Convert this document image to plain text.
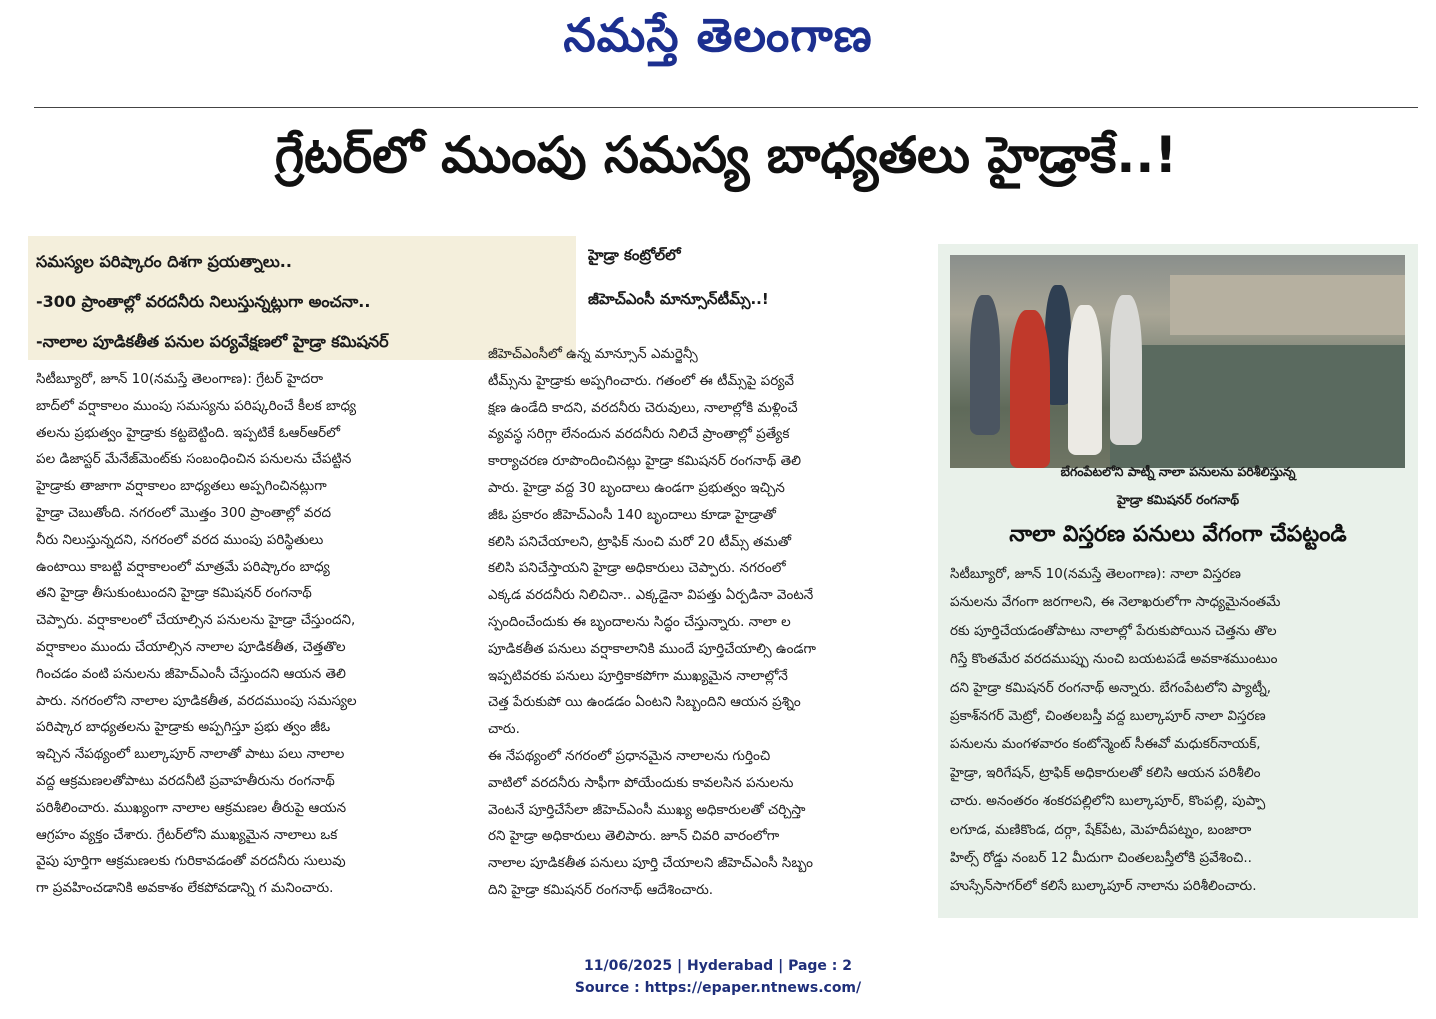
నమస్తే తెలంగాణ
గ్రేటర్‌లో ముంపు సమస్య బాధ్యతలు హైడ్రాకే..!
సమస్యల పరిష్కారం దిశగా ప్రయత్నాలు..
-300 ప్రాంతాల్లో వరదనీరు నిలుస్తున్నట్లుగా అంచనా..
-నాలాల పూడికతీత పనుల పర్యవేక్షణలో హైడ్రా కమిషనర్
హైడ్రా కంట్రోల్‌లో
జీహెచ్‌ఎంసీ మాన్సూన్‌టీమ్స్‌..!

సిటీబ్యూరో, జూన్ 10(నమస్తే తెలంగాణ): గ్రేటర్ హైదరా

బాద్‌లో వర్షాకాలం ముంపు సమస్యను పరిష్కరించే కీలక బాధ్య

తలను ప్రభుత్వం హైడ్రాకు కట్టబెట్టింది. ఇప్పటికే ఓఆర్‌ఆర్‌లో

పల డిజాస్టర్ మేనేజ్‌మెంట్‌కు సంబంధించిన పనులను చేపట్టిన

హైడ్రాకు తాజాగా వర్షాకాలం బాధ్యతలు అప్పగించినట్లుగా

హైడ్రా చెబుతోంది. నగరంలో మొత్తం 300 ప్రాంతాల్లో వరద

నీరు నిలుస్తున్నదని, నగరంలో వరద ముంపు పరిస్థితులు

ఉంటాయి కాబట్టి వర్షాకాలంలో మాత్రమే పరిష్కారం బాధ్య

తని హైడ్రా తీసుకుంటుందని హైడ్రా కమిషనర్ రంగనాథ్

చెప్పారు. వర్షాకాలంలో చేయాల్సిన పనులను హైడ్రా చేస్తుందని,

వర్షాకాలం ముందు చేయాల్సిన నాలాల పూడికతీత, చెత్తతొల

గించడం వంటి పనులను జీహెచ్‌ఎంసీ చేస్తుందని ఆయన తెలి

పారు. నగరంలోని నాలాల పూడికతీత, వరదముంపు సమస్యల

పరిష్కార బాధ్యతలను హైడ్రాకు అప్పగిస్తూ ప్రభు త్వం జీఓ

ఇచ్చిన నేపథ్యంలో బుల్కాపూర్ నాలాతో పాటు పలు నాలాల

వద్ద ఆక్రమణలతోపాటు వరదనీటి ప్రవాహతీరును రంగనాథ్

పరిశీలించారు. ముఖ్యంగా నాలాల ఆక్రమణల తీరుపై ఆయన

ఆగ్రహం వ్యక్తం చేశారు. గ్రేటర్‌లోని ముఖ్యమైన నాలాలు ఒక

వైపు పూర్తిగా ఆక్రమణలకు గురికావడంతో వరదనీరు సులువు

గా ప్రవహించడానికి అవకాశం లేకపోవడాన్ని గ మనించారు.

జీహెచ్‌ఎంసీలో ఉన్న మాన్సూన్ ఎమర్జెన్సీ

టీమ్స్‌ను హైడ్రాకు అప్పగించారు. గతంలో ఈ టీమ్స్‌పై పర్యవే

క్షణ ఉండేది కాదని, వరదనీరు చెరువులు, నాలాల్లోకి మళ్లించే

వ్యవస్థ సరిగ్గా లేనందున వరదనీరు నిలిచే ప్రాంతాల్లో ప్రత్యేక

కార్యాచరణ రూపొందించినట్లు హైడ్రా కమిషనర్ రంగనాథ్ తెలి

పారు. హైడ్రా వద్ద 30 బృందాలు ఉండగా ప్రభుత్వం ఇచ్చిన

జీఓ ప్రకారం జీహెచ్‌ఎంసీ 140 బృందాలు కూడా హైడ్రాతో

కలిసి పనిచేయాలని, ట్రాఫిక్ నుంచి మరో 20 టీమ్స్ తమతో

కలిసి పనిచేస్తాయని హైడ్రా అధికారులు చెప్పారు. నగరంలో

ఎక్కడ వరదనీరు నిలిచినా.. ఎక్కడైనా విపత్తు ఏర్పడినా వెంటనే

స్పందించేందుకు ఈ బృందాలను సిద్ధం చేస్తున్నారు. నాలా ల

పూడికతీత పనులు వర్షాకాలానికి ముందే పూర్తిచేయాల్సి ఉండగా

ఇప్పటివరకు పనులు పూర్తికాకపోగా ముఖ్యమైన నాలాల్లోనే

చెత్త పేరుకుపో యి ఉండడం ఏంటని సిబ్బందిని ఆయన ప్రశ్నిం

చారు.

ఈ నేపథ్యంలో నగరంలో ప్రధానమైన నాలాలను గుర్తించి

వాటిలో వరదనీరు సాఫీగా పోయేందుకు కావలసిన పనులను

వెంటనే పూర్తిచేసేలా జీహెచ్‌ఎంసీ ముఖ్య అధికారులతో చర్చిస్తా

రని హైడ్రా అధికారులు తెలిపారు. జూన్ చివరి వారంలోగా

నాలాల పూడికతీత పనులు పూర్తి చేయాలని జీహెచ్‌ఎంసీ సిబ్బం

దిని హైడ్రా కమిషనర్ రంగనాథ్ ఆదేశించారు.

బేగంపేటలోని పాట్నీ నాలా పనులను పరిశీలిస్తున్న
హైడ్రా కమిషనర్ రంగనాథ్
నాలా విస్తరణ పనులు వేగంగా చేపట్టండి

సిటీబ్యూరో, జూన్ 10(నమస్తే తెలంగాణ): నాలా విస్తరణ

పనులను వేగంగా జరగాలని, ఈ నెలాఖరులోగా సాధ్యమైనంతమే

రకు పూర్తిచేయడంతోపాటు నాలాల్లో పేరుకుపోయిన చెత్తను తొల

గిస్తే కొంతమేర వరదముప్పు నుంచి బయటపడే అవకాశముంటుం

దని హైడ్రా కమిషనర్ రంగనాథ్ అన్నారు. బేగంపేటలోని ప్యాట్నీ,

ప్రకాశ్‌నగర్ మెట్రో, చింతలబస్తీ వద్ద బుల్కాపూర్ నాలా విస్తరణ

పనులను మంగళవారం కంటోన్మెంట్ సీఈవో మధుకర్‌నాయక్,

హైడ్రా, ఇరిగేషన్, ట్రాఫిక్ అధికారులతో కలిసి ఆయన పరిశీలిం

చారు. అనంతరం శంకరపల్లిలోని బుల్కాపూర్, కొంపల్లి, పుప్పా

లగూడ, మణికొండ, దర్గా, షేక్‌పేట, మెహదీపట్నం, బంజారా

హిల్స్ రోడ్డు నంబర్ 12 మీదుగా చింతలబస్తీలోకి ప్రవేశించి..

హుస్సేన్‌సాగర్‌లో కలిసే బుల్కాపూర్ నాలాను పరిశీలించారు.

11/06/2025 | Hyderabad | Page : 2
Source : https://epaper.ntnews.com/
